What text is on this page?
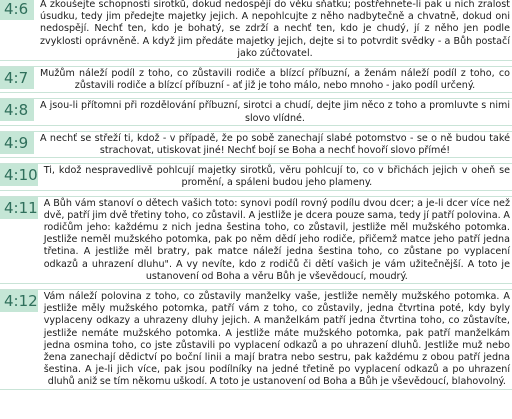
4:6	A zkoušejte schopnosti sirotků, dokud nedospějí do věku sňatku; postřehnete-li pak u nich zralost úsudku, tedy jim předejte majetky jejich. A nepohlcujte z něho nadbytečně a chvatně, dokud oni nedospějí. Nechť ten, kdo je bohatý, se zdrží a nechť ten, kdo je chudý, jí z něho jen podle zvyklosti oprávněně. A když jim předáte majetky jejich, dejte si to potvrdit svědky - a Bůh postačí jako zúčtovatel.
4:7	Mužům náleží podíl z toho, co zůstavili rodiče a blízcí příbuzní, a ženám náleží podíl z toho, co zůstavili rodiče a blízcí příbuzní - ať již je toho málo, nebo mnoho - jako podíl určený.
4:8	A jsou-li přítomni při rozdělování příbuzní, sirotci a chudí, dejte jim něco z toho a promluvte s nimi slovo vlídné.
4:9	A nechť se střeží ti, kdož - v případě, že po sobě zanechají slabé potomstvo - se o ně budou také strachovat, utiskovat jiné! Nechť bojí se Boha a nechť hovoří slovo přímé!
4:10 Ti, kdož nespravedlivě pohlcují majetky sirotků, věru pohlcují to, co v břichách jejich v oheň se promění, a spáleni budou jeho plameny.
4:11 A Bůh vám stanoví o dětech vašich toto: synovi podíl rovný podílu dvou dcer; a je-li dcer více než dvě, patří jim dvě třetiny toho, co zůstavil. A jestliže je dcera pouze sama, tedy jí patří polovina. A rodičům jeho: každému z nich jedna šestina toho, co zůstavil, jestliže měl mužského potomka. Jestliže neměl mužského potomka, pak po něm dědí jeho rodiče, přičemž matce jeho patří jedna třetina. A jestliže měl bratry, pak matce náleží jedna šestina toho, co zůstane po vyplacení odkazů a uhrazení dluhu". A vy nevíte, kdo z rodičů či dětí vašich je vám užitečnější. A toto je ustanovení od Boha a věru Bůh je vševědoucí, moudrý.
4:12 Vám náleží polovina z toho, co zůstavily manželky vaše, jestliže neměly mužského potomka. A jestliže měly mužského potomka, patří vám z toho, co zůstavily, jedna čtvrtina poté, kdy byly vyplaceny odkazy a uhrazeny dluhy jejich. A manželkám patří jedna čtvrtina toho, co zůstavíte, jestliže nemáte mužského potomka. A jestliže máte mužského potomka, pak patří manželkám jedna osmina toho, co jste zůstavili po vyplacení odkazů a po uhrazení dluhů. Jestliže muž nebo žena zanechají dědictví po boční linii a mají bratra nebo sestru, pak každému z obou patří jedna šestina. A je-li jich více, pak jsou podílníky na jedné třetině po vyplacení odkazů a po uhrazení dluhů aniž se tím někomu uškodí. A toto je ustanovení od Boha a Bůh je vševědoucí, blahovolný.
